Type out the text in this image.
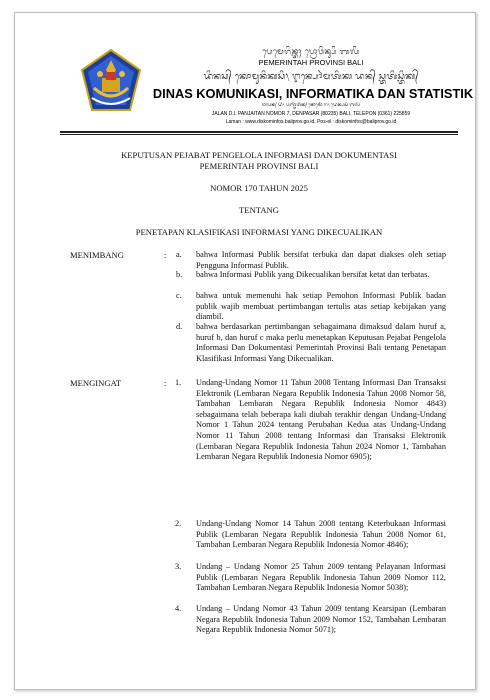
ᬧᬾᬫᬾᬭᬶᬦ᭄ᬢᬄ ᬧ᭄ᬭᭀᬯᬶᬦ᭄ᬲᬶ ᬩᬮᬶ
PEMERINTAH PROVINSI BALI
ᬤᬶᬦᬲ᭄ ᬓᭀᬫᬸᬦᬶᬓᬲᬶ᭞ ᬇᬦ᭄ᬧᭀᬃᬫᬢᬶᬓ ᬤᬦ᭄ ᬲ᭄ᬢᬢᬶᬲ᭄ᬢᬶᬓ᭄
DINAS KOMUNIKASI, INFORMATIKA DAN STATISTIK
ᬚᬮᬦ᭄ ᬤᬶ᭞ ᬧᬜ᭄ᬚᬶᬢᬶᬦ᭄ ᬦᭀᬫᭀᬃ ᬭ᭞ ᬤᬾᬦ᭄ᬧᬲᬃ ᬩᬮᬶ
JALAN D.I. PANJAITAN NOMOR 7, DENPASAR (80235) BALI, TELEPON (0361) 225859
Laman : www.diskominfos.baliprov.go.id, Pos-el : diskominfos@baliprov.go.id
KEPUTUSAN PEJABAT PENGELOLA INFORMASI DAN DOKUMENTASI
PEMERINTAH PROVINSI BALI
NOMOR 170 TAHUN 2025
TENTANG
PENETAPAN KLASIFIKASI INFORMASI YANG DIKECUALIKAN
MENIMBANG	: a. bahwa Informasi Publik bersifat terbuka dan dapat diakses oleh setiap Pengguna Informasi Publik.
b. bahwa Informasi Publik yang Dikecualikan bersifat ketat dan terbatas.
c. bahwa untuk memenuhi hak setiap Pemohon Informasi Publik badan publik wajib membuat pertimbangan tertulis atas setiap kebijakan yang diambil.
d. bahwa berdasarkan pertimbangan sebagaimana dimaksud dalam huruf a, huruf b, dan huruf c maka perlu menetapkan Keputusan Pejabat Pengelola Informasi Dan Dokumentasi Pemerintah Provinsi Bali tentang Penetapan Klasifikasi Informasi Yang Dikecualikan.
MENGINGAT	: 1. Undang-Undang Nomor 11 Tahun 2008 Tentang Informasi Dan Transaksi Elektronik (Lembaran Negara Republik Indonesia Tahun 2008 Nomor 58, Tambahan Lembaran Negara Republik Indonesia Nomor 4843) sebagaimana telah beberapa kali diubah terakhir dengan Undang-Undang Nomor 1 Tahun 2024 tentang Perubahan Kedua atas Undang-Undang Nomor 11 Tahun 2008 tentang Informasi dan Transaksi Elektronik (Lembaran Negara Republik Indonesia Tahun 2024 Nomor 1, Tambahan Lembaran Negara Republik Indonesia Nomor 6905);
2. Undang-Undang Nomor 14 Tahun 2008 tentang Keterbukaan Informasi Publik (Lembaran Negara Republik Indonesia Tahun 2008 Nomor 61, Tambahan Lembaran Negara Republik Indonesia Nomor 4846);
3. Undang – Undang Nomor 25 Tahun 2009 tentang Pelayanan Informasi Publik (Lembaran Negara Republik Indonesia Tahun 2009 Nomor 112, Tambahan Lembaran Negara Republik Indonesia Nomor 5038);
4. Undang – Undang Nomor 43 Tahun 2009 tentang Kearsipan (Lembaran Negara Republik Indonesia Tahun 2009 Nomor 152, Tambahan Lembaran Negara Republik Indonesia Nomor 5071);
